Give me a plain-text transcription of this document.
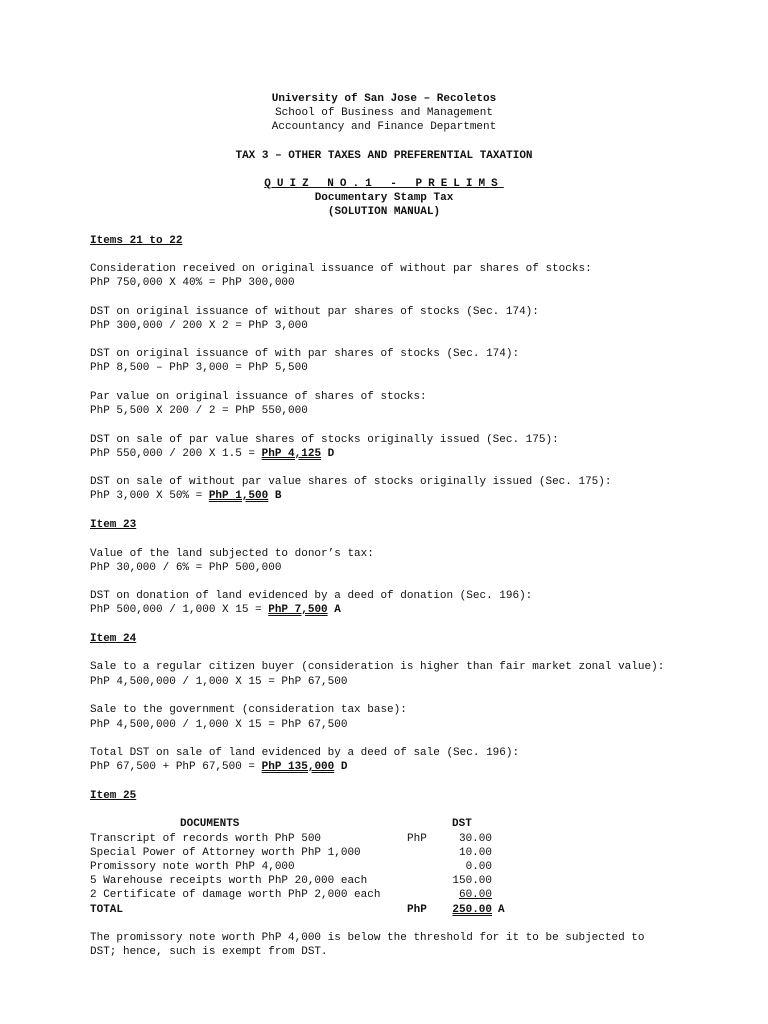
University of San Jose – Recoletos
School of Business and Management
Accountancy and Finance Department
TAX 3 – OTHER TAXES AND PREFERENTIAL TAXATION
QUIZ NO.1 - PRELIMS
Documentary Stamp Tax
(SOLUTION MANUAL)
Items 21 to 22
Consideration received on original issuance of without par shares of stocks:
PhP 750,000 X 40% = PhP 300,000
DST on original issuance of without par shares of stocks (Sec. 174):
PhP 300,000 / 200 X 2 = PhP 3,000
DST on original issuance of with par shares of stocks (Sec. 174):
PhP 8,500 – PhP 3,000 = PhP 5,500
Par value on original issuance of shares of stocks:
PhP 5,500 X 200 / 2 = PhP 550,000
DST on sale of par value shares of stocks originally issued (Sec. 175):
PhP 550,000 / 200 X 1.5 = PhP 4,125 D
DST on sale of without par value shares of stocks originally issued (Sec. 175):
PhP 3,000 X 50% = PhP 1,500 B
Item 23
Value of the land subjected to donor’s tax:
PhP 30,000 / 6% = PhP 500,000
DST on donation of land evidenced by a deed of donation (Sec. 196):
PhP 500,000 / 1,000 X 15 = PhP 7,500 A
Item 24
Sale to a regular citizen buyer (consideration is higher than fair market zonal value):
PhP 4,500,000 / 1,000 X 15 = PhP 67,500
Sale to the government (consideration tax base):
PhP 4,500,000 / 1,000 X 15 = PhP 67,500
Total DST on sale of land evidenced by a deed of sale (Sec. 196):
PhP 67,500 + PhP 67,500 = PhP 135,000 D
Item 25
DOCUMENTS	DST
Transcript of records worth PhP 500	PhP	30.00
Special Power of Attorney worth PhP 1,000	10.00
Promissory note worth PhP 4,000	0.00
5 Warehouse receipts worth PhP 20,000 each	150.00
2 Certificate of damage worth PhP 2,000 each	60.00
TOTAL	PhP	250.00 A
The promissory note worth PhP 4,000 is below the threshold for it to be subjected to
DST; hence, such is exempt from DST.
